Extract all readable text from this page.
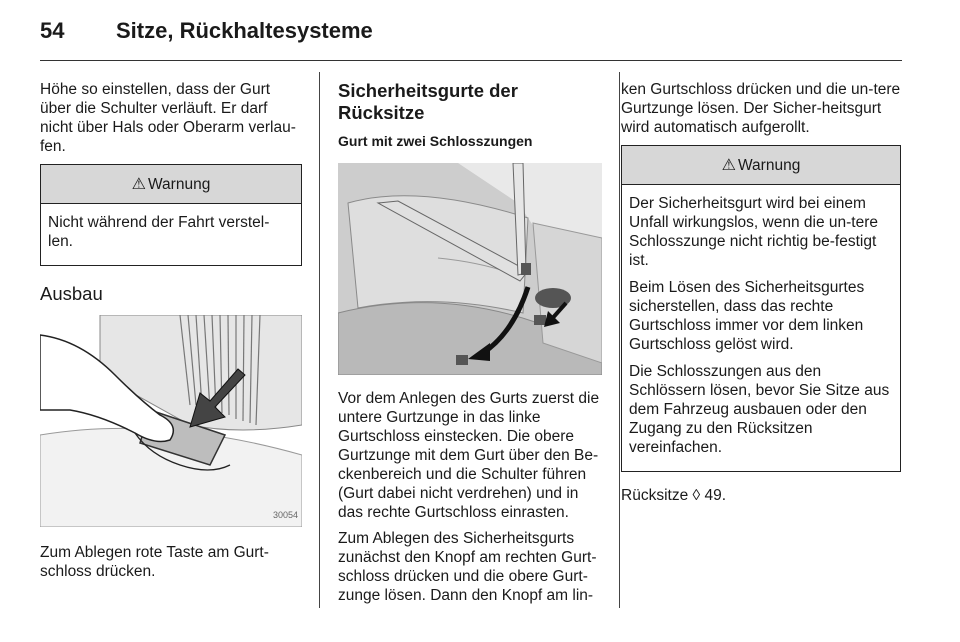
54 Sitze, Rückhaltesysteme

Höhe so einstellen, dass der Gurt über die Schulter verläuft. Er darf nicht über Hals oder Oberarm verlau-fen.

⚠ Warnung

Nicht während der Fahrt verstel-len.

Ausbau
30054

Zum Ablegen rote Taste am Gurt-schloss drücken.

Sicherheitsgurte der Rücksitze
Gurt mit zwei Schlosszungen

Vor dem Anlegen des Gurts zuerst die untere Gurtzunge in das linke Gurtschloss einstecken. Die obere Gurtzunge mit dem Gurt über den Be-ckenbereich und die Schulter führen (Gurt dabei nicht verdrehen) und in das rechte Gurtschloss einrasten.

Zum Ablegen des Sicherheitsgurts zunächst den Knopf am rechten Gurt-schloss drücken und die obere Gurt-zunge lösen. Dann den Knopf am lin-

ken Gurtschloss drücken und die un-tere Gurtzunge lösen. Der Sicher-heitsgurt wird automatisch aufgerollt.

⚠ Warnung

Der Sicherheitsgurt wird bei einem Unfall wirkungslos, wenn die un-tere Schlosszunge nicht richtig be-festigt ist.

Beim Lösen des Sicherheitsgurtes sicherstellen, dass das rechte Gurtschloss immer vor dem linken Gurtschloss gelöst wird.

Die Schlosszungen aus den Schlössern lösen, bevor Sie Sitze aus dem Fahrzeug ausbauen oder den Zugang zu den Rücksitzen vereinfachen.

Rücksitze ◊ 49.
